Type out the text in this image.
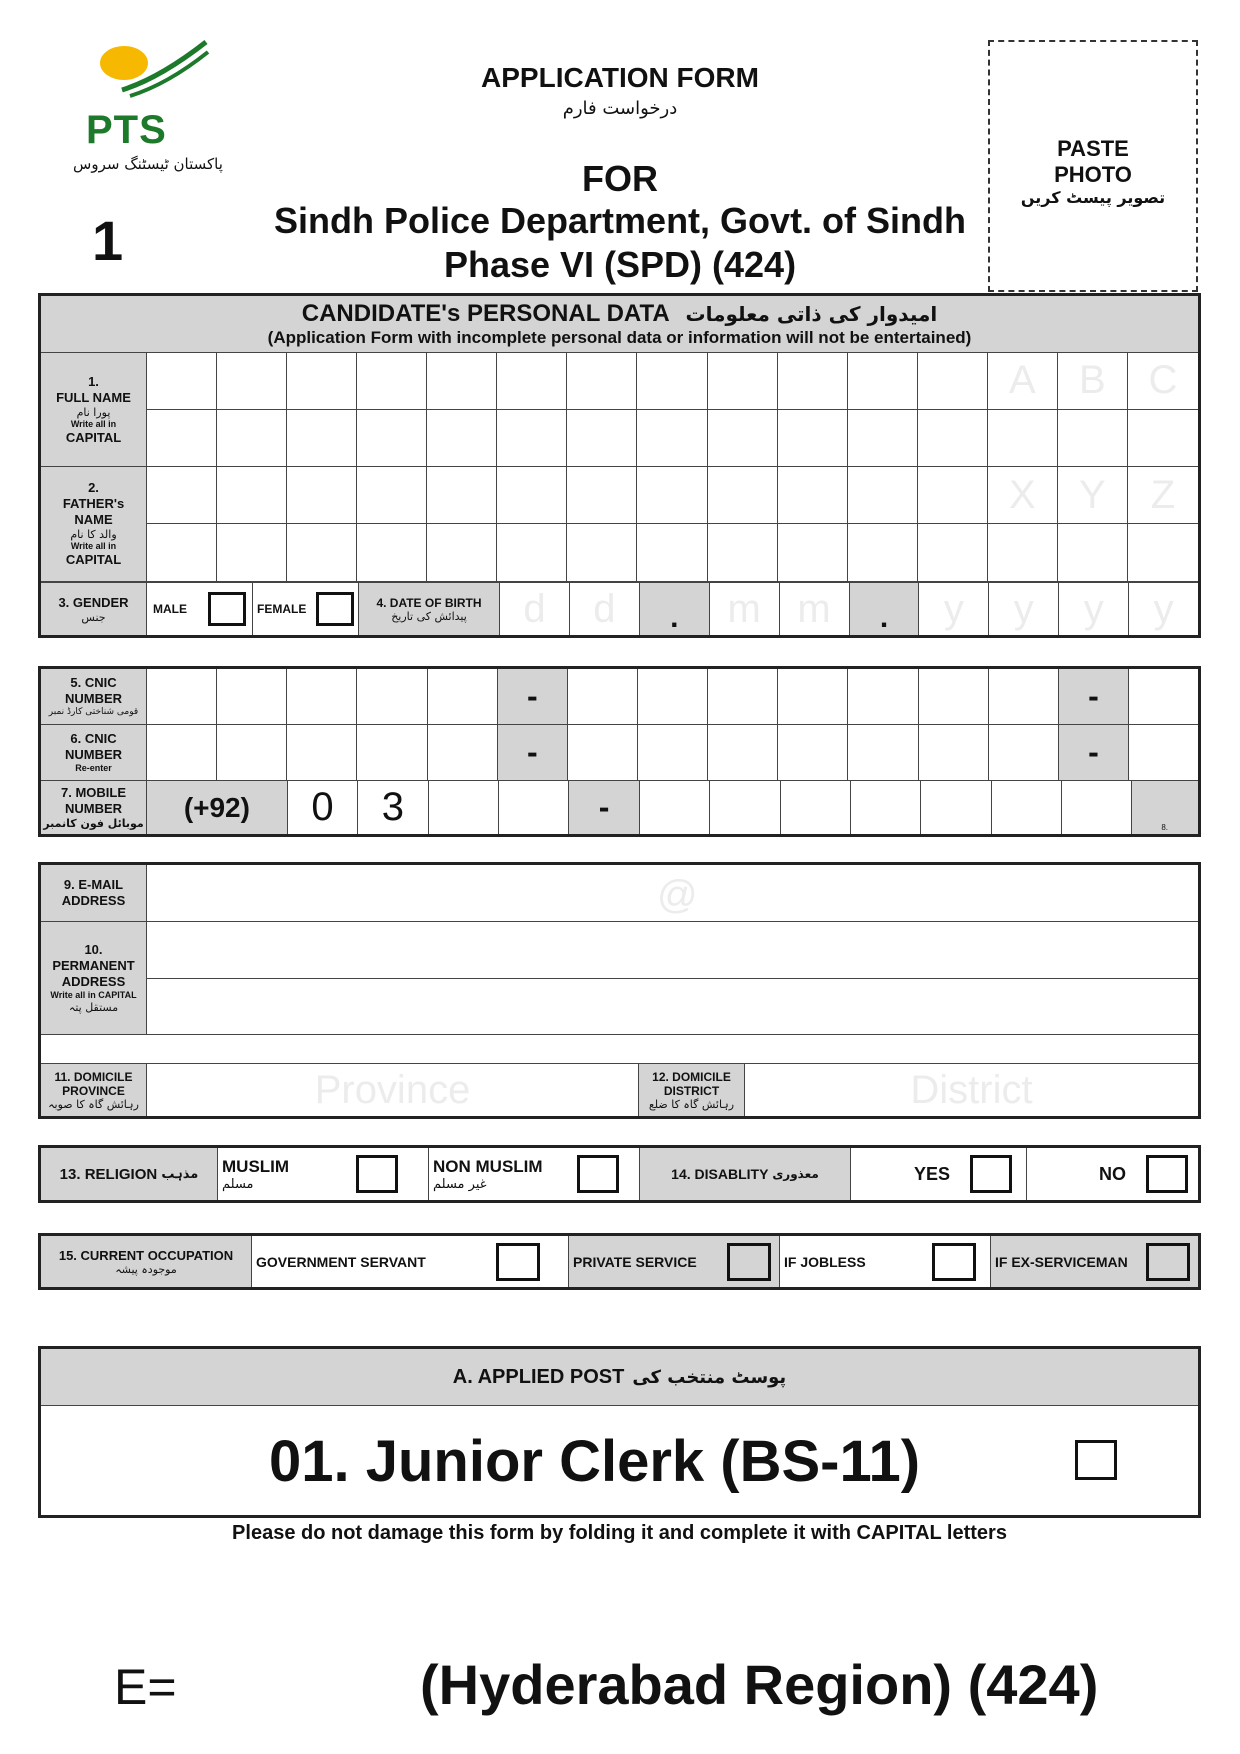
PTS
پاکستان ٹیسٹنگ سروس
1
APPLICATION FORM
درخواست فارم
FOR
Sindh Police Department, Govt. of Sindh
Phase VI (SPD) (424)
PASTE
PHOTO
تصویر پیسٹ کریں
CANDIDATE's PERSONAL DATA امیدوار کی ذاتی معلومات
(Application Form with incomplete personal data or information will not be entertained)
1.
FULL NAME
پورا نام
Write all in
CAPITAL
A B C
2.
FATHER's
NAME
والد کا نام
Write all in
CAPITAL
X Y Z
3. GENDER
جنس
MALE	FEMALE	4. DATE OF BIRTH
پیدائش کی تاریخ d d . m m . y y y y
5. CNIC
NUMBER
قومی شناختی کارڈ نمبر	-	-
6. CNIC
NUMBER
Re-enter	-	-
7. MOBILE
NUMBER
موبائل فون کانمبر
(+92)	0	3	-
8.
9. E-MAIL
ADDRESS	@
10.
PERMANENT
ADDRESS
Write all in CAPITAL
مستقل پتہ
11. DOMICILE
PROVINCE
رہائش گاہ کا صوبہ	Province	12. DOMICILE
DISTRICT
رہائش گاہ کا ضلع	District
13. RELIGION
مذہب MUSLIM
مسلم
NON MUSLIM
غیر مسلم
14. DISABLITY
معذوری	YES	NO
15. CURRENT OCCUPATION
موجودہ پیشہ	GOVERNMENT SERVANT	PRIVATE SERVICE	IF JOBLESS	IF EX-SERVICEMAN
A. APPLIED POST پوسٹ منتخب کی
01. Junior Clerk (BS-11)
Please do not damage this form by folding it and complete it with CAPITAL letters
E=	(Hyderabad Region) (424)
